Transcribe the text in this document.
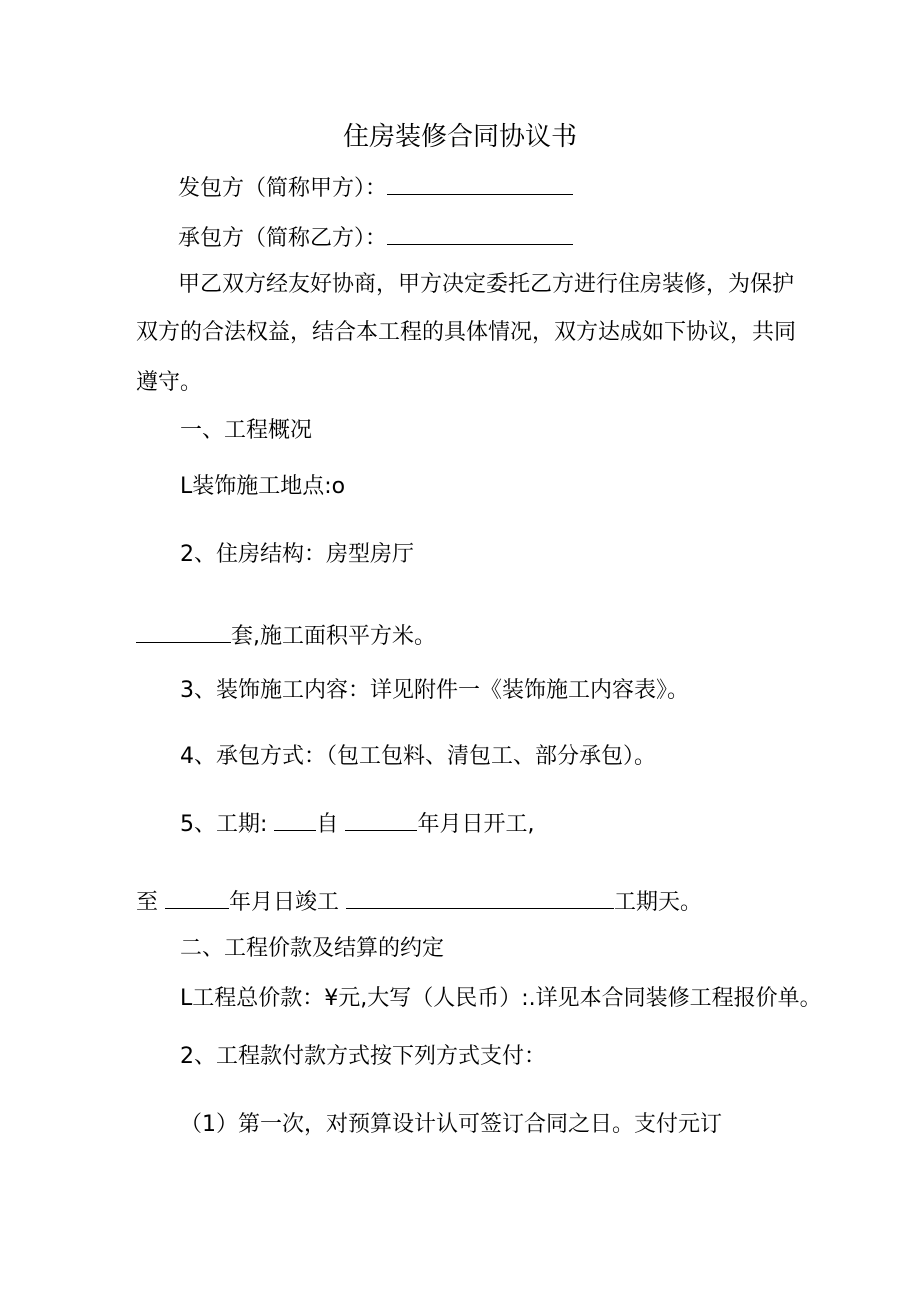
住房装修合同协议书
发包方（简称甲方）：
承包方（简称乙方）：
甲乙双方经友好协商，甲方决定委托乙方进行住房装修，为保护
双方的合法权益，结合本工程的具体情况，双方达成如下协议，共同
遵守。
一、工程概况
L装饰施工地点:o
2、住房结构：房型房厅
套,施工面积平方米。
3、装饰施工内容：详见附件一《装饰施工内容表》。
4、承包方式：（包工包料、清包工、部分承包）。
5、工期: 自	年月日开工,
至	年月日竣工	工期天。
二、工程价款及结算的约定
L工程总价款：¥元,大写（人民币）:.详见本合同装修工程报价单。
2、工程款付款方式按下列方式支付：
（1）第一次，对预算设计认可签订合同之日。支付元订
